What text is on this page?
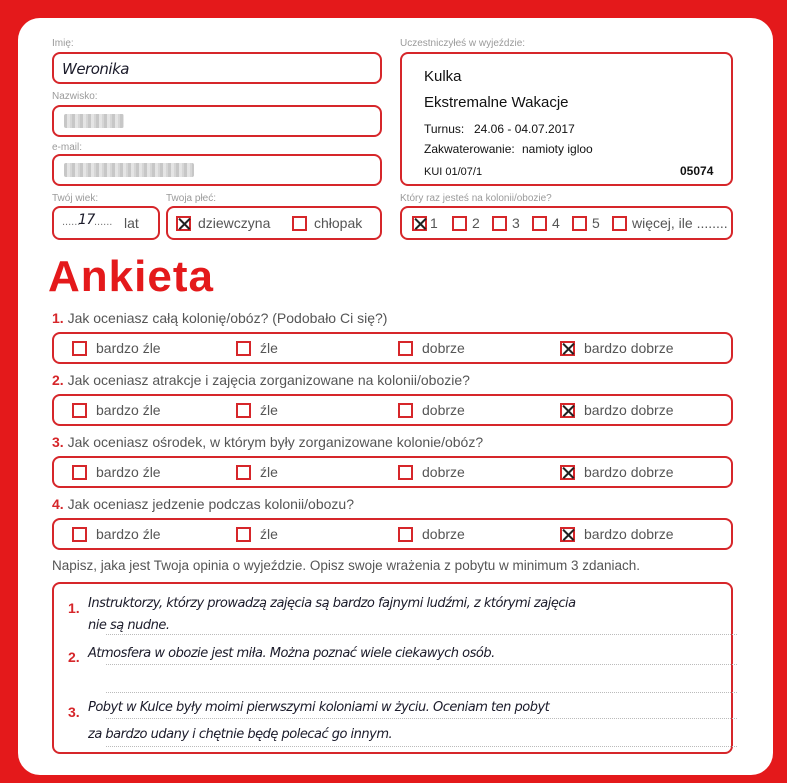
Imię:
Weronika
Nazwisko:
e-mail:
Twój wiek:
......
17 ...... lat
Twoja płeć:
dziewczyna	chłopak
Uczestniczyłeś w wyjeździe:
Kulka
Ekstremalne Wakacje
Turnus: 24.06 - 04.07.2017
Zakwaterowanie: namioty igloo
KUI 01/07/1	05074
Który raz jesteś na kolonii/obozie?
1 2 3 4 5 więcej, ile ........
Ankieta
1. Jak oceniasz całą kolonię/obóz? (Podobało Ci się?)
bardzo źle	źle	dobrze	bardzo dobrze
2. Jak oceniasz atrakcje i zajęcia zorganizowane na kolonii/obozie?
bardzo źle	źle	dobrze	bardzo dobrze
3. Jak oceniasz ośrodek, w którym były zorganizowane kolonie/obóz?
bardzo źle	źle	dobrze	bardzo dobrze
4. Jak oceniasz jedzenie podczas kolonii/obozu?
bardzo źle	źle	dobrze	bardzo dobrze
Napisz, jaka jest Twoja opinia o wyjeździe. Opisz swoje wrażenia z pobytu w minimum 3 zdaniach.
1. Instruktorzy, którzy prowadzą zajęcia są bardzo fajnymi ludźmi, z którymi zajęcia
nie są nudne.
2. Atmosfera w obozie jest miła. Można poznać wiele ciekawych osób.
3. Pobyt w Kulce były moimi pierwszymi koloniami w życiu. Oceniam ten pobyt
za bardzo udany i chętnie będę polecać go innym.
